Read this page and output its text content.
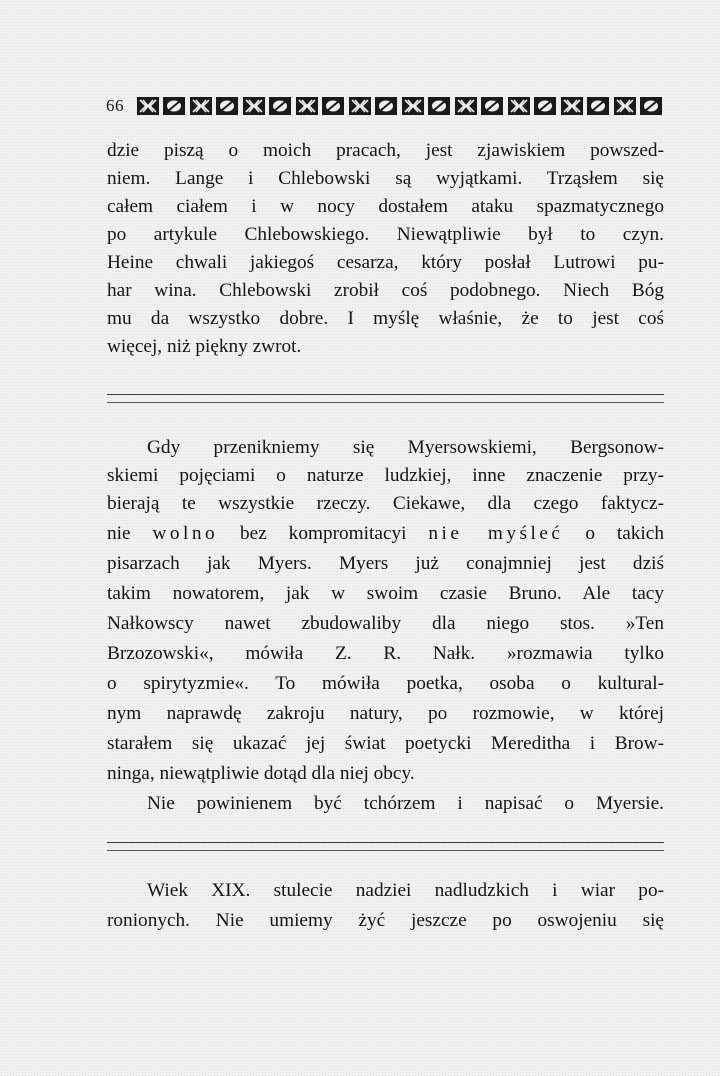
66
dzie piszą o moich pracach, jest zjawiskiem powszed-
niem. Lange i Chlebowski są wyjątkami. Trząsłem się
całem ciałem i w nocy dostałem ataku spazmatycznego
po artykule Chlebowskiego. Niewątpliwie był to czyn.
Heine chwali jakiegoś cesarza, który posłał Lutrowi pu-
har wina. Chlebowski zrobił coś podobnego. Niech Bóg
mu da wszystko dobre. I myślę właśnie, że to jest coś
więcej, niż piękny zwrot.
Gdy przenikniemy się Myersowskiemi, Bergsonow-
skiemi pojęciami o naturze ludzkiej, inne znaczenie przy-
bierają te wszystkie rzeczy. Ciekawe, dla czego faktycz-
nie wolno bez kompromitacyi nie myśleć o takich
pisarzach jak Myers. Myers już conajmniej jest dziś
takim nowatorem, jak w swoim czasie Bruno. Ale tacy
Nałkowscy nawet zbudowaliby dla niego stos. »Ten
Brzozowski«, mówiła Z. R. Nałk. »rozmawia tylko
o spirytyzmie«. To mówiła poetka, osoba o kultural-
nym naprawdę zakroju natury, po rozmowie, w której
starałem się ukazać jej świat poetycki Mereditha i Brow-
ninga, niewątpliwie dotąd dla niej obcy.
Nie powinienem być tchórzem i napisać o Myersie.
Wiek XIX. stulecie nadziei nadludzkich i wiar po-
ronionych. Nie umiemy żyć jeszcze po oswojeniu się
